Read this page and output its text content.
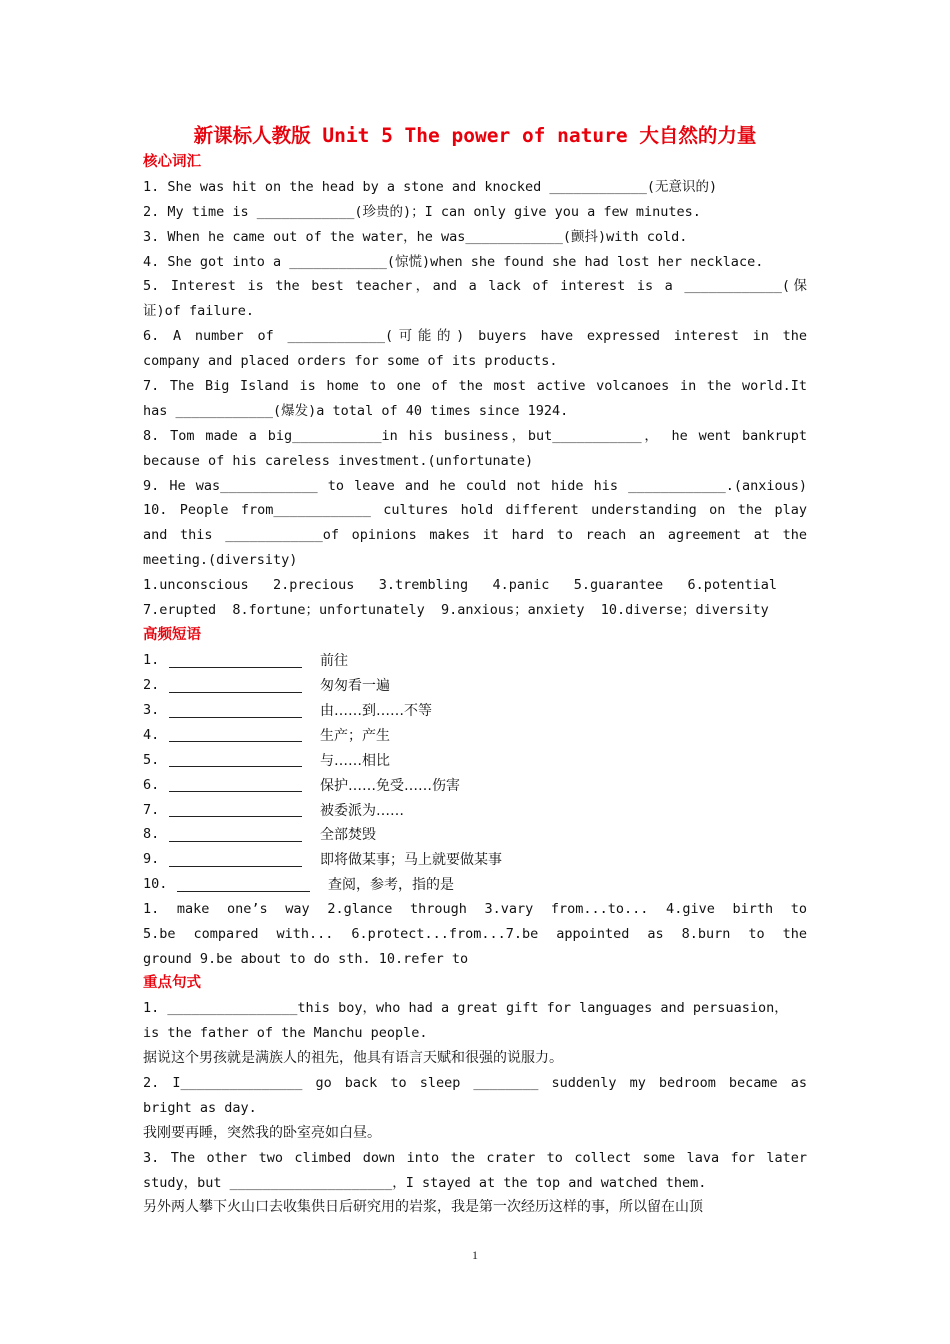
新课标人教版 Unit 5 The power of nature 大自然的力量
核心词汇
1. She was hit on the head by a stone and knocked ____________(无意识的)
2. My time is ____________(珍贵的)；I can only give you a few minutes.
3. When he came out of the water，he was____________(颤抖)with cold.
4. She got into a ____________(惊慌)when she found she had lost her necklace.
5. Interest is the best teacher，and a lack of interest is a ____________(保
证)of failure.
6. A number of ____________(可能的) buyers have expressed interest in the
company and placed orders for some of its products.
7. The Big Island is home to one of the most active volcanoes in the world.It
has ____________(爆发)a total of 40 times since 1924.
8. Tom made a big___________in his business，but___________， he went bankrupt
because of his careless investment.(unfortunate)
9. He was____________ to leave and he could not hide his ____________.(anxious)
10. People from____________ cultures hold different understanding on the play
and this ____________of opinions makes it hard to reach an agreement at the
meeting.(diversity)
1.unconscious   2.precious   3.trembling   4.panic   5.guarantee   6.potential
7.erupted  8.fortune；unfortunately  9.anxious；anxiety  10.diverse；diversity
高频短语
1.	前往
2.	匆匆看一遍
3.	由……到……不等
4.	生产；产生
5.	与……相比
6.	保护……免受……伤害
7.	被委派为……
8.	全部焚毁
9.	即将做某事；马上就要做某事
10.	查阅，参考，指的是
1. make one’s way 2.glance through 3.vary from...to... 4.give birth to
5.be compared with... 6.protect...from...7.be appointed as 8.burn to the
ground 9.be about to do sth. 10.refer to
重点句式
1. ________________this boy，who had a great gift for languages and persuasion，
is the father of the Manchu people.
据说这个男孩就是满族人的祖先，他具有语言天赋和很强的说服力。
2. I_______________ go back to sleep ________ suddenly my bedroom became as
bright as day.
我刚要再睡，突然我的卧室亮如白昼。
3. The other two climbed down into the crater to collect some lava for later
study，but ____________________，I stayed at the top and watched them.
另外两人攀下火山口去收集供日后研究用的岩浆，我是第一次经历这样的事，所以留在山顶
1
